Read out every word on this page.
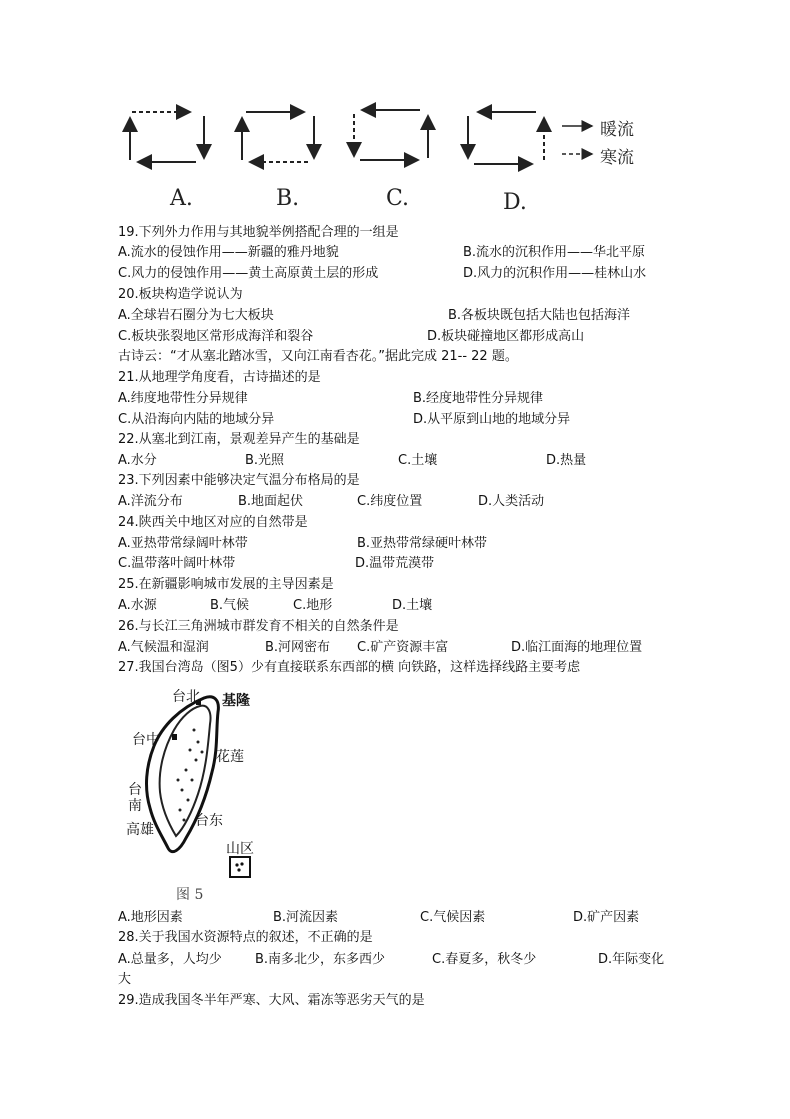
暖流
寒流
A.	B.	C.	D.
19.下列外力作用与其地貌举例搭配合理的一组是
A.流水的侵蚀作用——新疆的雅丹地貌	B.流水的沉积作用——华北平原
C.风力的侵蚀作用——黄土高原黄土层的形成	D.风力的沉积作用——桂林山水
20.板块构造学说认为
A.全球岩石圈分为七大板块	B.各板块既包括大陆也包括海洋
C.板块张裂地区常形成海洋和裂谷	D.板块碰撞地区都形成高山
古诗云：“才从塞北踏冰雪，又向江南看杏花。”据此完成 21-- 22 题。
21.从地理学角度看，古诗描述的是
A.纬度地带性分异规律	B.经度地带性分异规律
C.从沿海向内陆的地域分异	D.从平原到山地的地域分异
22.从塞北到江南，景观差异产生的基础是
A.水分	B.光照	C.土壤	D.热量
23.下列因素中能够决定气温分布格局的是
A.洋流分布	B.地面起伏	C.纬度位置	D.人类活动
24.陕西关中地区对应的自然带是
A.亚热带常绿阔叶林带	B.亚热带常绿硬叶林带
C.温带落叶阔叶林带	D.温带荒漠带
25.在新疆影响城市发展的主导因素是
A.水源	B.气候	C.地形	D.土壤
26.与长江三角洲城市群发育不相关的自然条件是
A.气候温和湿润	B.河网密布 C.矿产资源丰富	D.临江面海的地理位置
27.我国台湾岛（图5）少有直接联系东西部的横 向铁路，这样选择线路主要考虑
台北 基隆
台中
花莲
台
南
台东
高雄
山区
图 5
A.地形因素	B.河流因素	C.气候因素	D.矿产因素
28.关于我国水资源特点的叙述，不正确的是
A.总量多，人均少	B.南多北少，东多西少	C.春夏多，秋冬少	D.年际变化
大
29.造成我国冬半年严寒、大风、霜冻等恶劣天气的是
